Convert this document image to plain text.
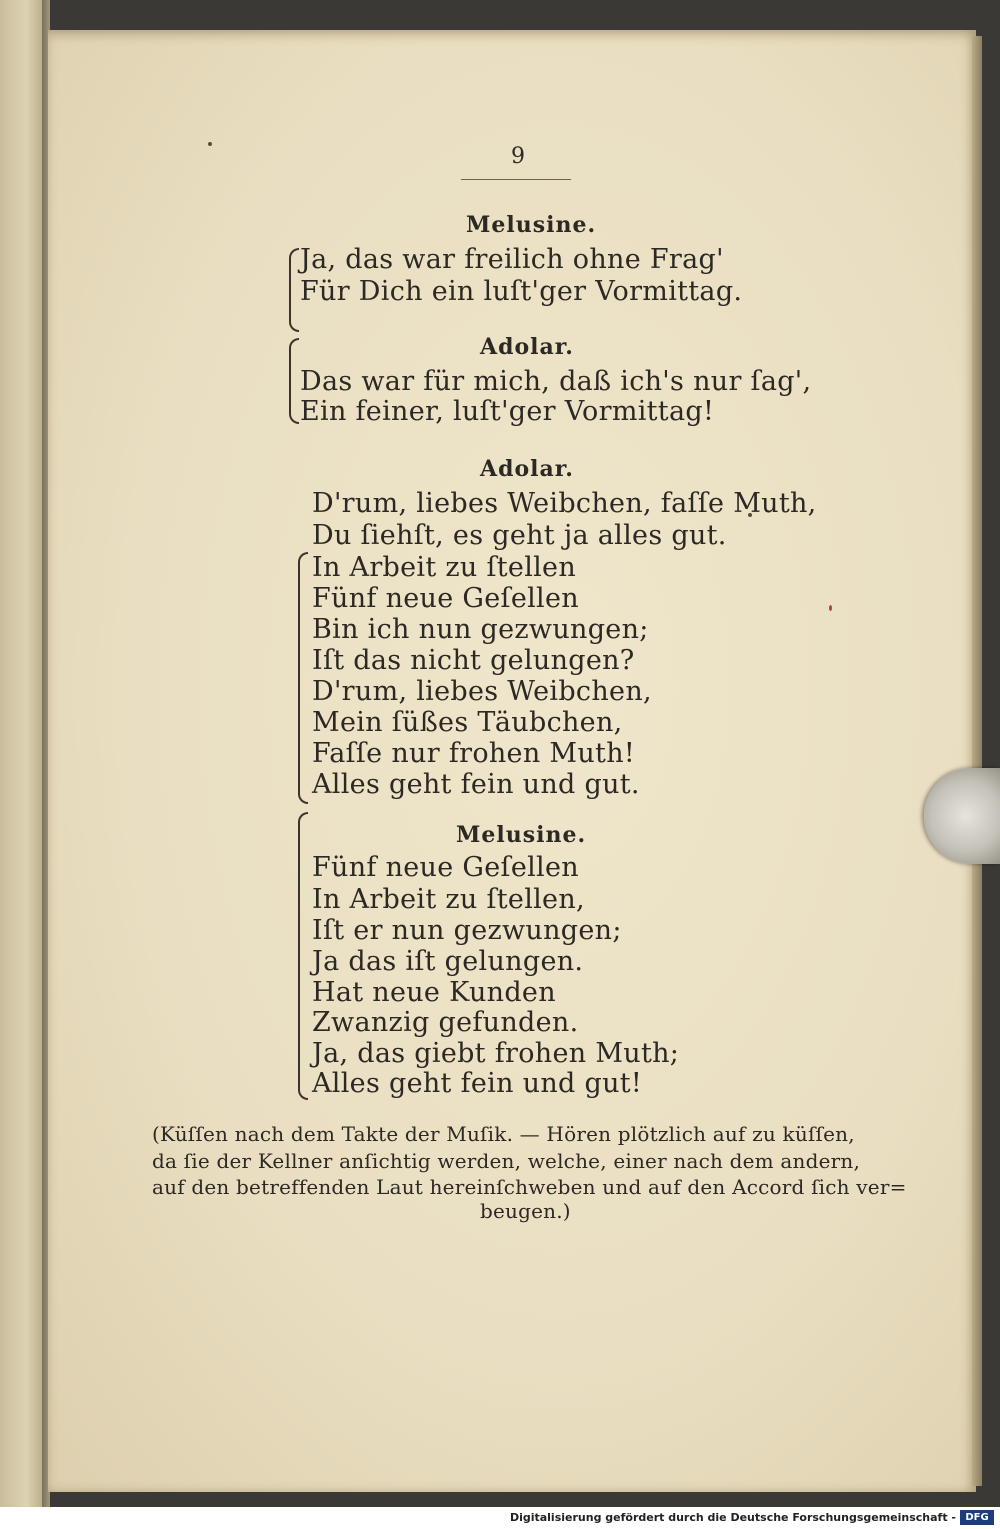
9
Melusine.
Ja, das war freilich ohne Frag'
Für Dich ein luſt'ger Vormittag.
Adolar.
Das war für mich, daß ich's nur ſag',
Ein feiner, luſt'ger Vormittag!
Adolar.
D'rum, liebes Weibchen, faſſe Muth,
Du ſiehſt, es geht ja alles gut.
In Arbeit zu ſtellen
Fünf neue Geſellen
Bin ich nun gezwungen;
Iſt das nicht gelungen?
D'rum, liebes Weibchen,
Mein ſüßes Täubchen,
Faſſe nur frohen Muth!
Alles geht fein und gut.
Melusine.
Fünf neue Geſellen
In Arbeit zu ſtellen,
Iſt er nun gezwungen;
Ja das iſt gelungen.
Hat neue Kunden
Zwanzig gefunden.
Ja, das giebt frohen Muth;
Alles geht fein und gut!
(Küſſen nach dem Takte der Muſik. — Hören plötzlich auf zu küſſen,
da ſie der Kellner anſichtig werden, welche, einer nach dem andern,
auf den betreffenden Laut hereinſchweben und auf den Accord ſich ver=
beugen.)
Digitalisierung gefördert durch die Deutsche Forschungsgemeinschaft - DFG
